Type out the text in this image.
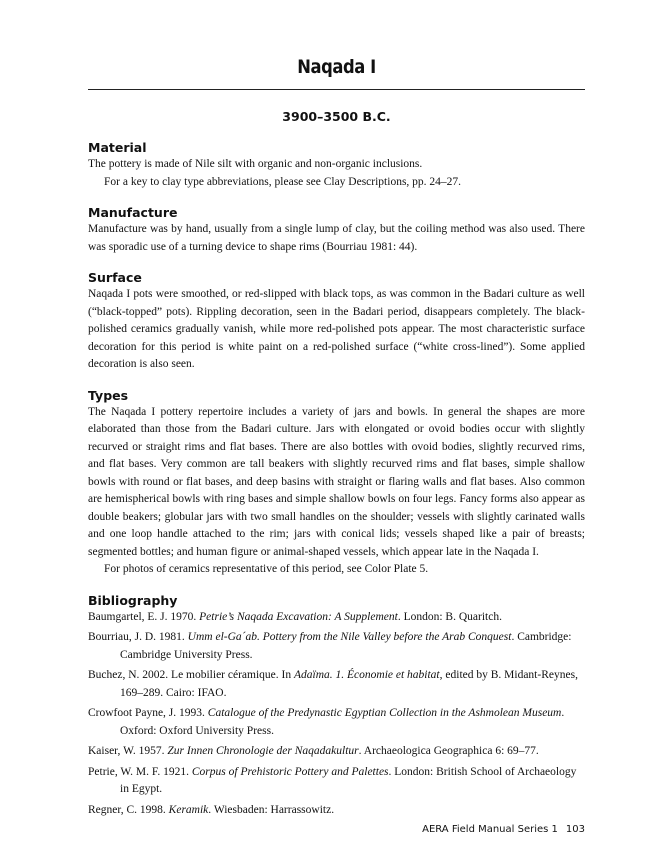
Naqada I
3900–3500 B.C.
Material

The pottery is made of Nile silt with organic and non-organic inclusions.

For a key to clay type abbreviations, please see Clay Descriptions, pp. 24–27.

Manufacture

Manufacture was by hand, usually from a single lump of clay, but the coiling method was also used. There was sporadic use of a turning device to shape rims (Bourriau 1981: 44).

Surface

Naqada I pots were smoothed, or red-slipped with black tops, as was common in the Badari culture as well (“black-topped” pots). Rippling decoration, seen in the Badari period, disappears completely. The black-polished ceramics gradually vanish, while more red-polished pots appear. The most characteristic surface decoration for this period is white paint on a red-polished surface (“white cross-lined”). Some applied decoration is also seen.

Types

The Naqada I pottery repertoire includes a variety of jars and bowls. In general the shapes are more elaborated than those from the Badari culture. Jars with elongated or ovoid bodies occur with slightly recurved or straight rims and flat bases. There are also bottles with ovoid bodies, slightly recurved rims, and flat bases. Very common are tall beakers with slightly recurved rims and flat bases, simple shallow bowls with round or flat bases, and deep basins with straight or flaring walls and flat bases. Also common are hemispherical bowls with ring bases and simple shallow bowls on four legs. Fancy forms also appear as double beakers; globular jars with two small handles on the shoulder; vessels with slightly carinated walls and one loop handle attached to the rim; jars with conical lids; vessels shaped like a pair of breasts; segmented bottles; and human figure or animal-shaped vessels, which appear late in the Naqada I.

For photos of ceramics representative of this period, see Color Plate 5.

Bibliography
Baumgartel, E. J. 1970. Petrie’s Naqada Excavation: A Supplement. London: B. Quaritch.
Bourriau, J. D. 1981. Umm el-Ga´ab. Pottery from the Nile Valley before the Arab Conquest. Cambridge: Cambridge University Press.
Buchez, N. 2002. Le mobilier céramique. In Adaïma. 1. Économie et habitat, edited by B. Midant-Reynes, 169–289. Cairo: IFAO.
Crowfoot Payne, J. 1993. Catalogue of the Predynastic Egyptian Collection in the Ashmolean Museum. Oxford: Oxford University Press.
Kaiser, W. 1957. Zur Innen Chronologie der Naqadakultur. Archaeologica Geographica 6: 69–77.
Petrie, W. M. F. 1921. Corpus of Prehistoric Pottery and Palettes. London: British School of Archaeology in Egypt.
Regner, C. 1998. Keramik. Wiesbaden: Harrassowitz.
AERA Field Manual Series 1 103
